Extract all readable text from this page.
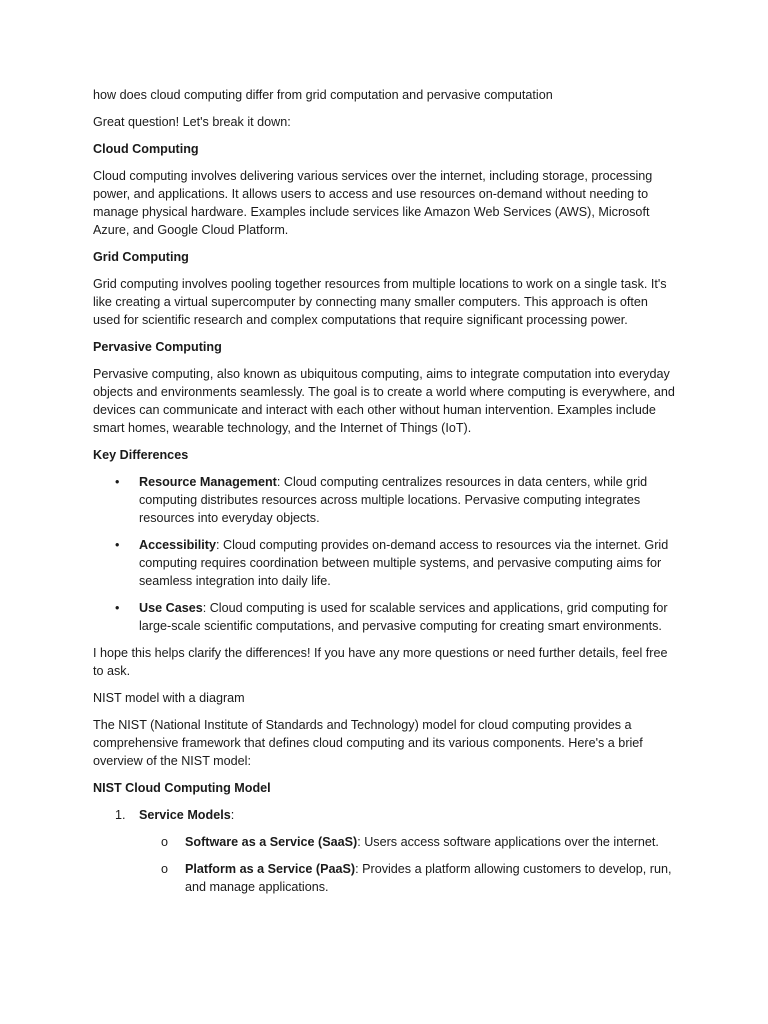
how does cloud computing differ from grid computation and pervasive computation

Great question! Let's break it down:

Cloud Computing

Cloud computing involves delivering various services over the internet, including storage, processing power, and applications. It allows users to access and use resources on-demand without needing to manage physical hardware. Examples include services like Amazon Web Services (AWS), Microsoft Azure, and Google Cloud Platform.

Grid Computing

Grid computing involves pooling together resources from multiple locations to work on a single task. It's like creating a virtual supercomputer by connecting many smaller computers. This approach is often used for scientific research and complex computations that require significant processing power.

Pervasive Computing

Pervasive computing, also known as ubiquitous computing, aims to integrate computation into everyday objects and environments seamlessly. The goal is to create a world where computing is everywhere, and devices can communicate and interact with each other without human intervention. Examples include smart homes, wearable technology, and the Internet of Things (IoT).

Key Differences

• Resource Management: Cloud computing centralizes resources in data centers, while grid computing distributes resources across multiple locations. Pervasive computing integrates resources into everyday objects.
• Accessibility: Cloud computing provides on-demand access to resources via the internet. Grid computing requires coordination between multiple systems, and pervasive computing aims for seamless integration into daily life.
• Use Cases: Cloud computing is used for scalable services and applications, grid computing for large-scale scientific computations, and pervasive computing for creating smart environments.

I hope this helps clarify the differences! If you have any more questions or need further details, feel free to ask.

NIST model with a diagram

The NIST (National Institute of Standards and Technology) model for cloud computing provides a comprehensive framework that defines cloud computing and its various components. Here's a brief overview of the NIST model:

NIST Cloud Computing Model

1. Service Models:
o Software as a Service (SaaS): Users access software applications over the internet.
o Platform as a Service (PaaS): Provides a platform allowing customers to develop, run, and manage applications.
